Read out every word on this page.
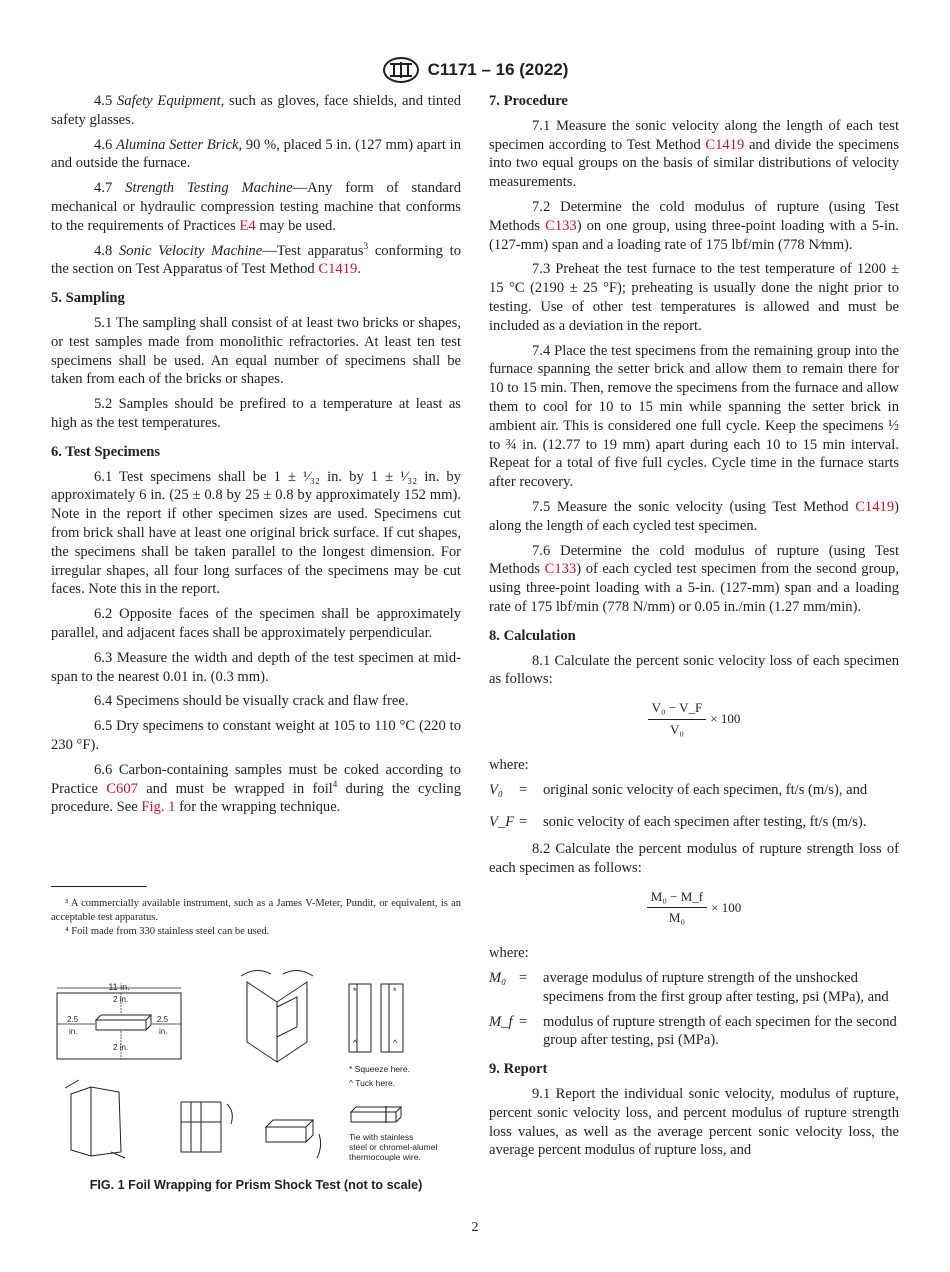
C1171 – 16 (2022)

4.5 Safety Equipment, such as gloves, face shields, and tinted safety glasses.

4.6 Alumina Setter Brick, 90 %, placed 5 in. (127 mm) apart in and outside the furnace.

4.7 Strength Testing Machine—Any form of standard mechanical or hydraulic compression testing machine that conforms to the requirements of Practices E4 may be used.

4.8 Sonic Velocity Machine—Test apparatus$^3$ conforming to the section on Test Apparatus of Test Method C1419.

5. Sampling

5.1 The sampling shall consist of at least two bricks or shapes, or test samples made from monolithic refractories. At least ten test specimens shall be used. An equal number of specimens shall be taken from each of the bricks or shapes.

5.2 Samples should be prefired to a temperature at least as high as the test temperatures.

6. Test Specimens

6.1 Test specimens shall be 1 ± ¹⁄₃₂ in. by 1 ± ¹⁄₃₂ in. by approximately 6 in. (25 ± 0.8 by 25 ± 0.8 by approximately 152 mm). Note in the report if other specimen sizes are used. Specimens cut from brick shall have at least one original brick surface. If cut shapes, the specimens shall be taken parallel to the longest dimension. For irregular shapes, all four long surfaces of the specimens may be cut faces. Note this in the report.

6.2 Opposite faces of the specimen shall be approximately parallel, and adjacent faces shall be approximately perpendicular.

6.3 Measure the width and depth of the test specimen at mid-span to the nearest 0.01 in. (0.3 mm).

6.4 Specimens should be visually crack and flaw free.

6.5 Dry specimens to constant weight at 105 to 110 °C (220 to 230 °F).

6.6 Carbon-containing samples must be coked according to Practice C607 and must be wrapped in foil$^4$ during the cycling procedure. See Fig. 1 for the wrapping technique.

³ A commercially available instrument, such as a James V-Meter, Pundit, or equivalent, is an acceptable test apparatus.

⁴ Foil made from 330 stainless steel can be used.

11 in.
2 in.
2 in.
2.5
in.
2.5
in.
*	*
^	^
* Squeeze here.
^ Tuck here.
Tie with stainless
steel or chromel-alumel
thermocouple wire.
FIG. 1 Foil Wrapping for Prism Shock Test (not to scale)
7. Procedure

7.1 Measure the sonic velocity along the length of each test specimen according to Test Method C1419 and divide the specimens into two equal groups on the basis of similar distributions of velocity measurements.

7.2 Determine the cold modulus of rupture (using Test Methods C133) on one group, using three-point loading with a 5-in. (127-mm) span and a loading rate of 175 lbf/min (778 N⁄mm).

7.3 Preheat the test furnace to the test temperature of 1200 ± 15 °C (2190 ± 25 °F); preheating is usually done the night prior to testing. Use of other test temperatures is allowed and must be included as a deviation in the report.

7.4 Place the test specimens from the remaining group into the furnace spanning the setter brick and allow them to remain there for 10 to 15 min. Then, remove the specimens from the furnace and allow them to cool for 10 to 15 min while spanning the setter brick in ambient air. This is considered one full cycle. Keep the specimens ½ to ¾ in. (12.77 to 19 mm) apart during each 10 to 15 min interval. Repeat for a total of five full cycles. Cycle time in the furnace starts after recovery.

7.5 Measure the sonic velocity (using Test Method C1419) along the length of each cycled test specimen.

7.6 Determine the cold modulus of rupture (using Test Methods C133) of each cycled test specimen from the second group, using three-point loading with a 5-in. (127-mm) span and a loading rate of 175 lbf/min (778 N/mm) or 0.05 in./min (1.27 mm/min).

8. Calculation

8.1 Calculate the percent sonic velocity loss of each specimen as follows:

$\frac{\text{V₀ − V\_F}}{\text{V₀}} \times 100$

where:

V₀	=	original sonic velocity of each specimen, ft/s (m/s), and
V_F =	sonic velocity of each specimen after testing, ft/s (m/s).

8.2 Calculate the percent modulus of rupture strength loss of each specimen as follows:

$\frac{\text{M₀ − M\_f}}{\text{M₀}} \times 100$

where:

M₀ =	average modulus of rupture strength of the unshocked specimens from the first group after testing, psi (MPa), and
M_f =	modulus of rupture strength of each specimen for the second group after testing, psi (MPa).
9. Report

9.1 Report the individual sonic velocity, modulus of rupture, percent sonic velocity loss, and percent modulus of rupture strength loss values, as well as the average percent sonic velocity loss, the average percent modulus of rupture loss, and

2
